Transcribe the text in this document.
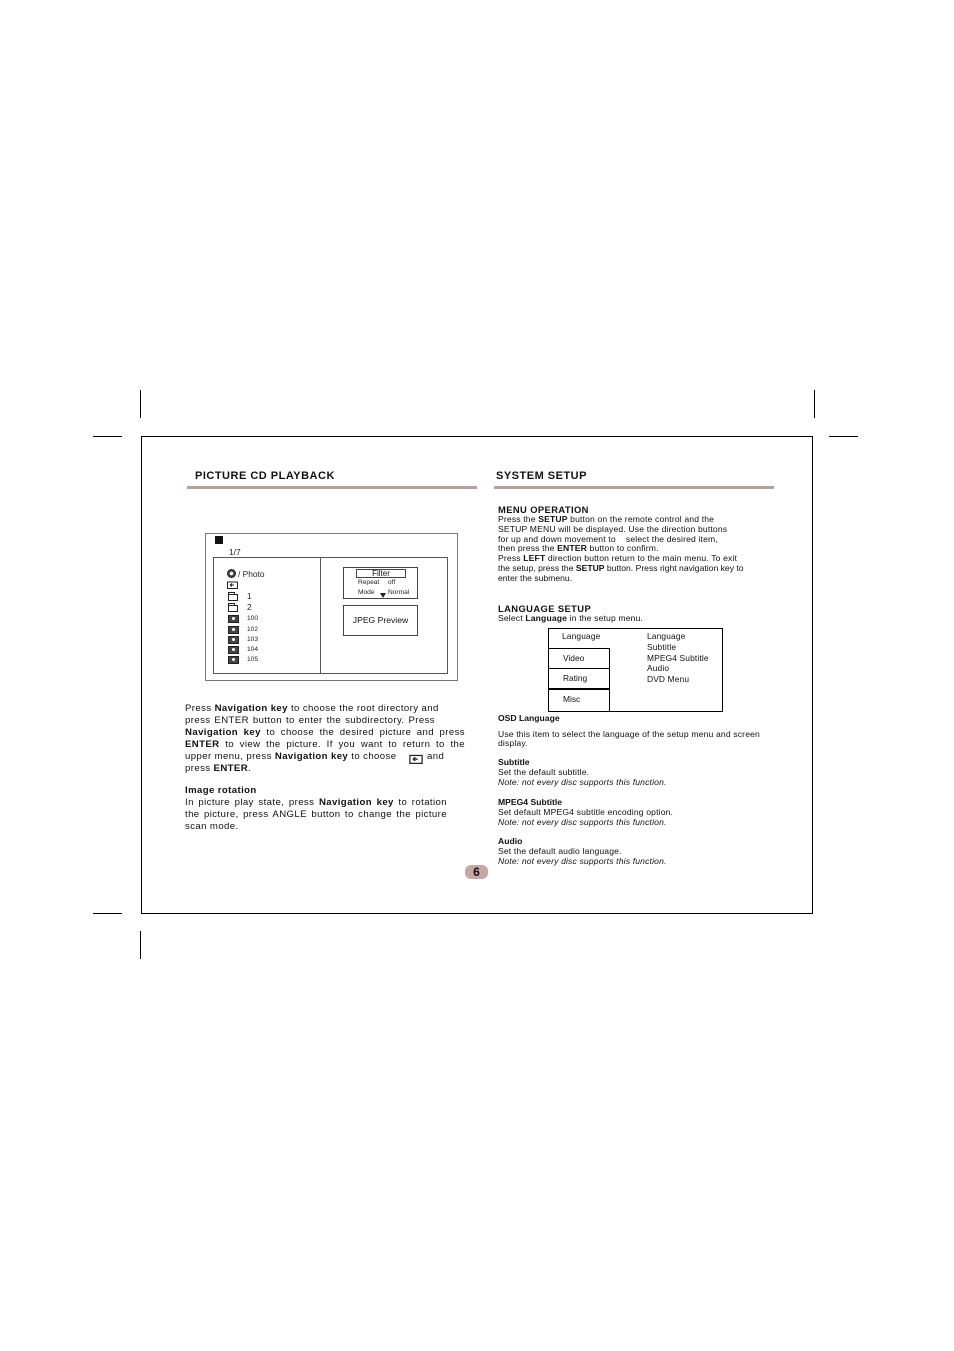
PICTURE CD PLAYBACK
1/7
/ Photo
1
2
100
102
103
104
105
Filter
Repeat off
Mode Normal
JPEG Preview
Press Navigation key to choose the root directory and
press ENTER button to enter the subdirectory. Press
Navigation key to choose the desired picture and press
ENTER to view the picture. If you want to return to the
upper menu, press Navigation key to choose	and
press ENTER.
Image rotation
In picture play state, press Navigation key to rotation
the picture, press ANGLE button to change the picture
scan mode.
SYSTEM SETUP
MENU OPERATION
Press the SETUP button on the remote control and the
SETUP MENU will be displayed. Use the direction buttons
for up and down movement to    select the desired item,
then press the ENTER button to confirm.
Press LEFT direction button return to the main menu. To exit
the setup, press the SETUP button. Press right navigation key to
enter the submenu.
LANGUAGE SETUP
Select Language in the setup menu.
Language
Video
Rating
Misc
Language
Subtitle
MPEG4 Subtitle
Audio
DVD Menu
OSD Language
Use this item to select the language of the setup menu and screen
display.
Subtitle
Set the default subtitle.
Note: not every disc supports this function.
MPEG4 Subtitle
Set default MPEG4 subtitle encoding option.
Note: not every disc supports this function.
Audio
Set the default audio language.
Note: not every disc supports this function.
6
